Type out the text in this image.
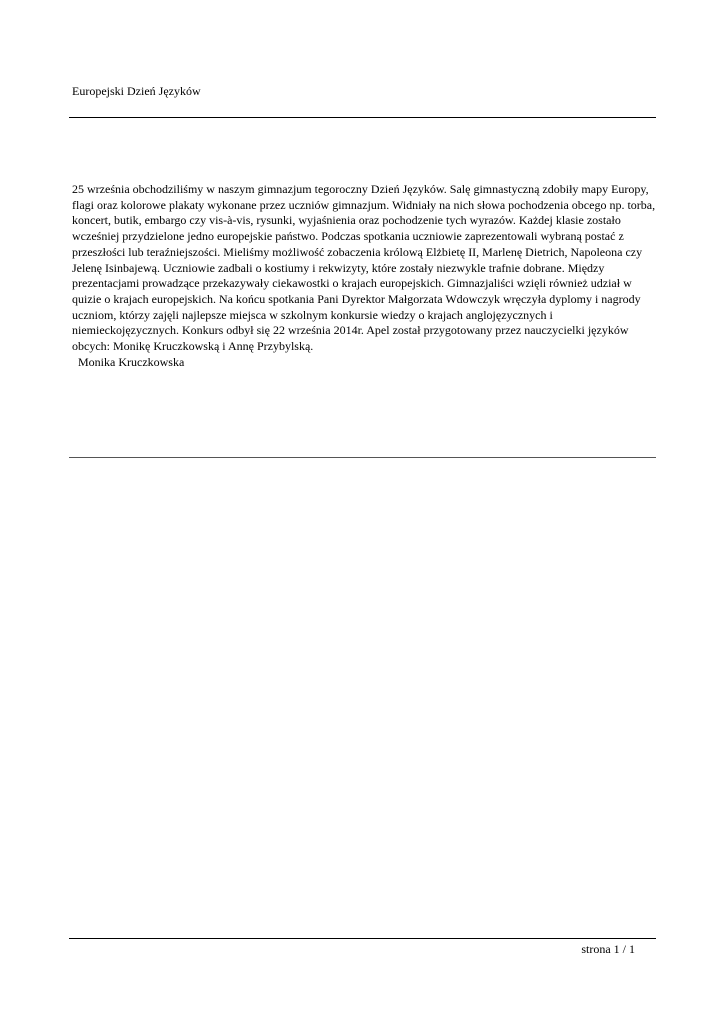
Europejski Dzień Języków

25 września obchodziliśmy w naszym gimnazjum tegoroczny Dzień Języków. Salę gimnastyczną zdobiły mapy Europy, flagi oraz kolorowe plakaty wykonane przez uczniów gimnazjum. Widniały na nich słowa pochodzenia obcego np. torba, koncert, butik, embargo czy vis-à-vis, rysunki, wyjaśnienia oraz pochodzenie tych wyrazów. Każdej klasie zostało wcześniej przydzielone jedno europejskie państwo. Podczas spotkania uczniowie zaprezentowali wybraną postać z przeszłości lub teraźniejszości. Mieliśmy możliwość zobaczenia królową Elżbietę II, Marlenę Dietrich, Napoleona czy Jelenę Isinbajewą. Uczniowie zadbali o kostiumy i rekwizyty, które zostały niezwykle trafnie dobrane. Między prezentacjami prowadzące przekazywały ciekawostki o krajach europejskich. Gimnazjaliści wzięli również udział w quizie o krajach europejskich. Na końcu spotkania Pani Dyrektor Małgorzata Wdowczyk wręczyła dyplomy i nagrody uczniom, którzy zajęli najlepsze miejsca w szkolnym konkursie wiedzy o krajach anglojęzycznych i niemieckojęzycznych. Konkurs odbył się 22 września 2014r. Apel został przygotowany przez nauczycielki języków obcych: Monikę Kruczkowską i Annę Przybylską.

Monika Kruczkowska
strona 1 / 1
